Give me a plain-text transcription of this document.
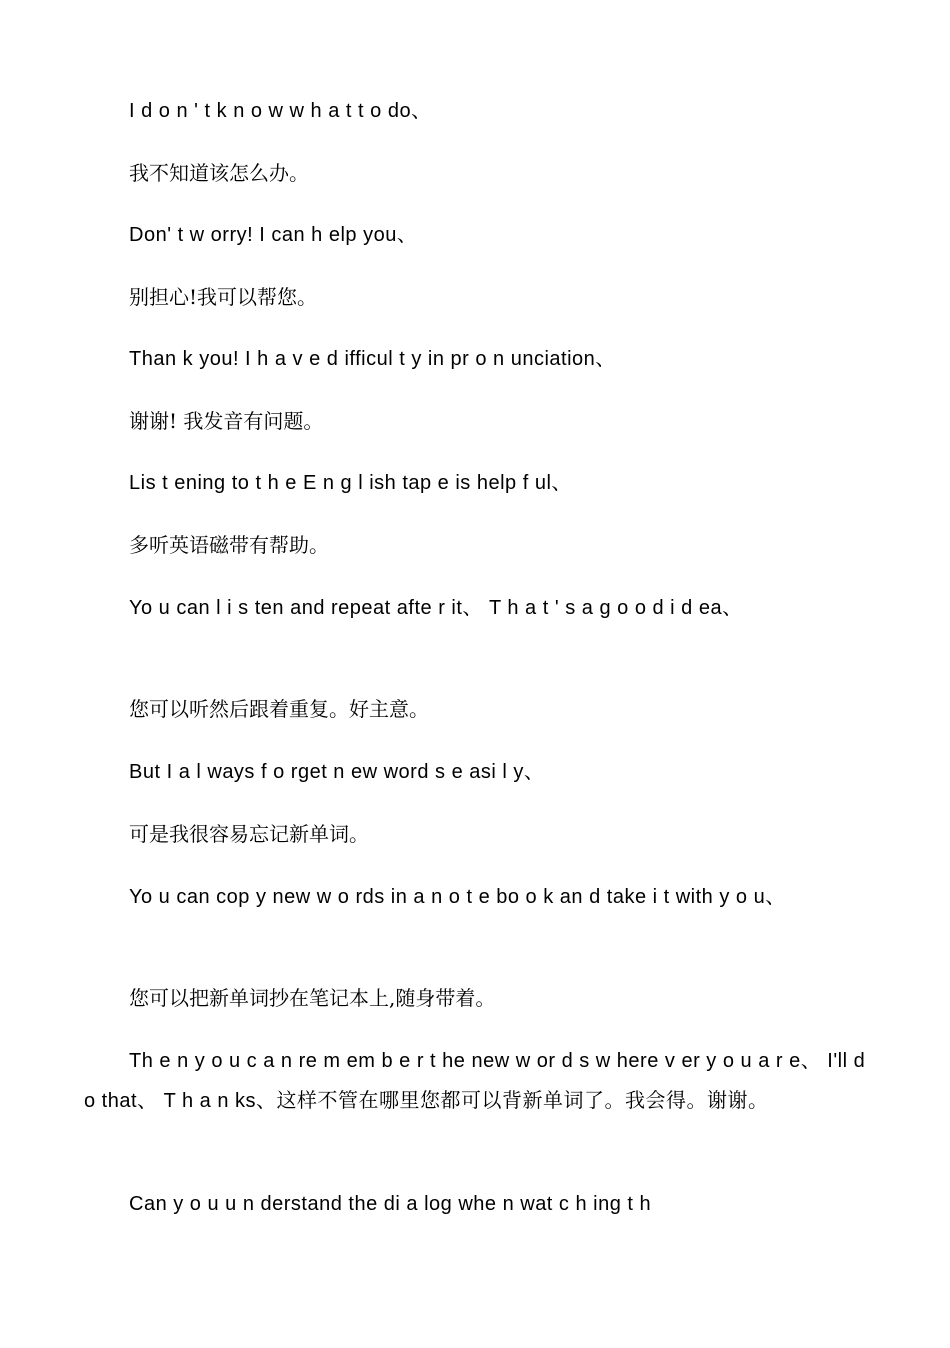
I d o n ' t k n o w w h a t t o do、

我不知道该怎么办。

Don' t w orry! I can h elp you、

别担心!我可以帮您。

Than k you! I h a v e d ifficul t y in pr o n unciation、

谢谢! 我发音有问题。

Lis t ening to t h e E n g l ish tap e is help f ul、

多听英语磁带有帮助。

Yo u can l i s ten and repeat afte r it、 T h a t ' s a g o o d i d ea、

您可以听然后跟着重复。好主意。

But I a l ways f o rget n ew word s e asi l y、

可是我很容易忘记新单词。

Yo u can cop y new w o rds in a n o t e bo o k an d take i t with y o u、

您可以把新单词抄在笔记本上,随身带着。

Th e n y o u c a n re m em b e r t he new w or d s w here v er y o u a r e、 I'll do that、 T h a n ks、这样不管在哪里您都可以背新单词了。我会得。谢谢。

Can y o u u n derstand the di a log whe n wat c h ing t h
